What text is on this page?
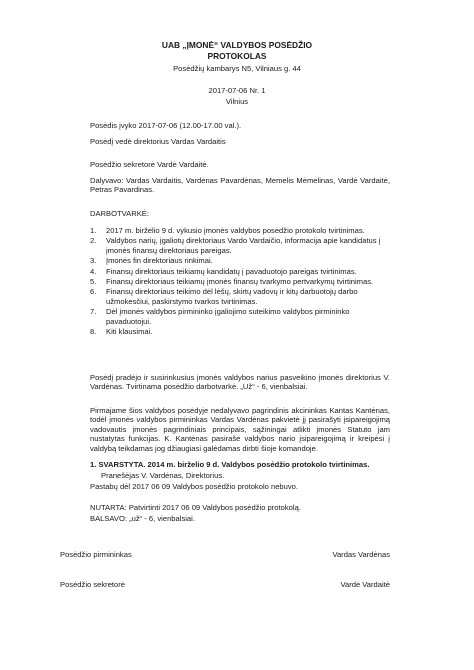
UAB „ĮMONĖ“ VALDYBOS POSĖDŽIO
PROTOKOLAS
Posėdžių kambarys N5, Vilniaus g. 44
2017-07-06 Nr. 1
Vilnius
Posėdis įvyko 2017-07-06 (12.00-17.00 val.).
Posėdį vedė direktorius Vardas Vardaitis
Posėdžio sekretorė Vardė Vardaitė.
Dalyvavo: Vardas Vardaitis, Vardėnas Pavardėnas, Memelis Mėmelinas, Vardė Vardaitė, Petras Pavardinas.
DARBOTVARKĖ:
1. 2017 m. birželio 9 d. vykusio įmonės valdybos posėdžio protokolo tvirtinimas.
2. Valdybos narių, įgaliotų direktoriaus Vardo Vardaičio, informacija apie kandidatus į įmonės finansų direktoriaus pareigas.
3. Įmonės fin direktoriaus rinkimai.
4. Finansų direktoriaus teikiamų kandidatų į pavaduotojo pareigas tvirtinimas.
5. Finansų direktoriaus teikiamų įmonės finansų tvarkymo pertvarkymų tvirtinimas.
6. Finansų direktoriaus teikimo dėl lėšų, skirtų vadovų ir kitų darbuotojų darbo užmokesčiui, paskirstymo tvarkos tvirtinimas.
7. Dėl įmonės valdybos pirmininko įgaliojimo suteikimo valdybos pirmininko pavaduotojui.
8. Kiti klausimai.
Posėdį pradėjo ir susirinkusius įmonės valdybos narius pasveikino įmonės direktorius V. Vardėnas. Tvirtinama posėdžio darbotvarkė. „Už“ - 6, vienbalsiai.
Pirmajame šios valdybos posėdyje nedalyvavo pagrindinis akcininkas Kantas Kantėnas, todėl įmonės valdybos pirmininkas Vardas Vardėnas pakvietė jį pasirašyti įsipareigojimą vadovautis įmonės pagrindiniais principais, sąžiningai atlikti įmonės Statuto jam nustatytas funkcijas. K. Kantėnas pasirašė valdybos nario įsipareigojimą ir kreipėsi į valdybą teikdamas jog džiaugiasi galėdamas dirbti šioje komandoje.
1. SVARSTYTA. 2014 m. birželio 9 d. Valdybos posėdžio protokolo tvirtinimas.
Pranešėjas V. Vardėnas, Direktorius.
Pastabų dėl 2017 06 09 Valdybos posėdžio protokolo nebuvo.
NUTARTA: Patvirtinti 2017 06 09 Valdybos posėdžio protokolą.
BALSAVO: „už“ - 6, vienbalsiai.
Posėdžio pirmininkas	Vardas Vardėnas
Posėdžio sekretorė	Vardė Vardaitė
